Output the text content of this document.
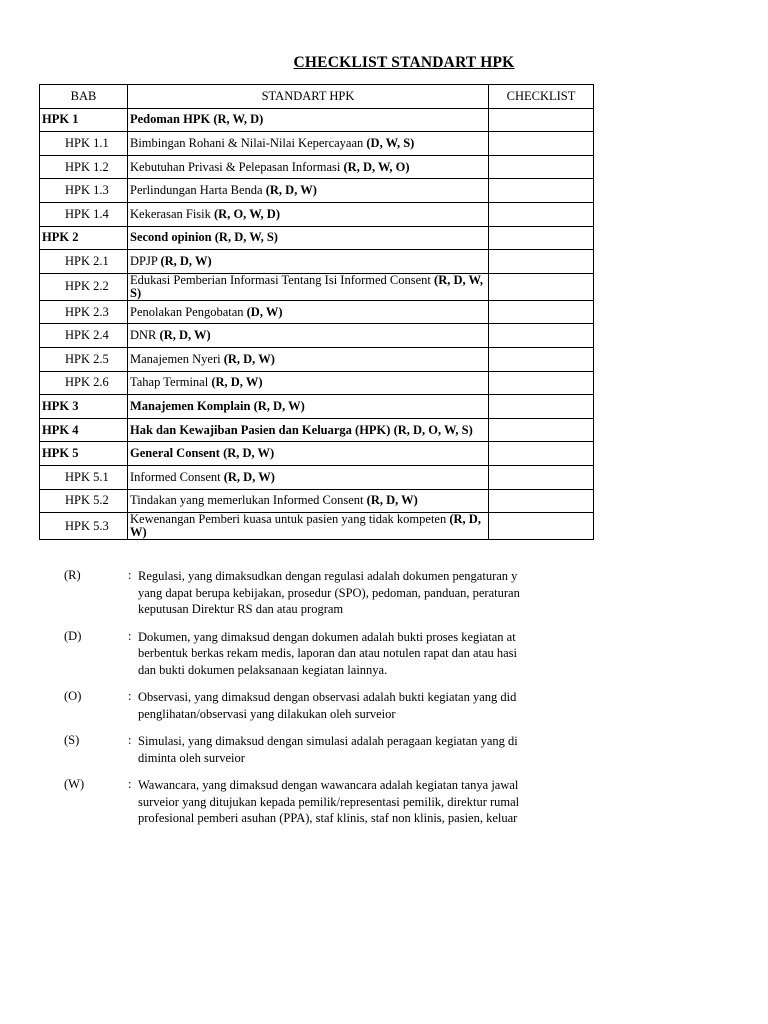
CHECKLIST STANDART HPK
BAB	STANDART HPK	CHECKLIST
HPK 1	Pedoman HPK (R, W, D)	
HPK 1.1	Bimbingan Rohani & Nilai-Nilai Kepercayaan (D, W, S)	
HPK 1.2	Kebutuhan Privasi & Pelepasan Informasi (R, D, W, O)	
HPK 1.3	Perlindungan Harta Benda (R, D, W)	
HPK 1.4	Kekerasan Fisik (R, O, W, D)	
HPK 2	Second opinion (R, D, W, S)	
HPK 2.1	DPJP (R, D, W)	
HPK 2.2	Edukasi Pemberian Informasi Tentang Isi Informed Consent (R, D, W, S)	
HPK 2.3	Penolakan Pengobatan (D, W)	
HPK 2.4	DNR (R, D, W)	
HPK 2.5	Manajemen Nyeri (R, D, W)	
HPK 2.6	Tahap Terminal (R, D, W)	
HPK 3	Manajemen Komplain (R, D, W)	
HPK 4	Hak dan Kewajiban Pasien dan Keluarga (HPK) (R, D, O, W, S)	
HPK 5	General Consent (R, D, W)	
HPK 5.1	Informed Consent (R, D, W)	
HPK 5.2	Tindakan yang memerlukan Informed Consent (R, D, W)	
HPK 5.3	Kewenangan Pemberi kuasa untuk pasien yang tidak kompeten (R, D, W)	
(R)	: Regulasi, yang dimaksudkan dengan regulasi adalah dokumen pengaturan y
yang dapat berupa kebijakan, prosedur (SPO), pedoman, panduan, peraturan
keputusan Direktur RS dan atau program
(D)	: Dokumen, yang dimaksud dengan dokumen adalah bukti proses kegiatan at
berbentuk berkas rekam medis, laporan dan atau notulen rapat dan atau hasi
dan bukti dokumen pelaksanaan kegiatan lainnya.
(O)	: Observasi, yang dimaksud dengan observasi adalah bukti kegiatan yang did
penglihatan/observasi yang dilakukan oleh surveior
(S)	: Simulasi, yang dimaksud dengan simulasi adalah peragaan kegiatan yang di
diminta oleh surveior
(W)	: Wawancara, yang dimaksud dengan wawancara adalah kegiatan tanya jawal
surveior yang ditujukan kepada pemilik/representasi pemilik, direktur rumal
profesional pemberi asuhan (PPA), staf klinis, staf non klinis, pasien, keluar
